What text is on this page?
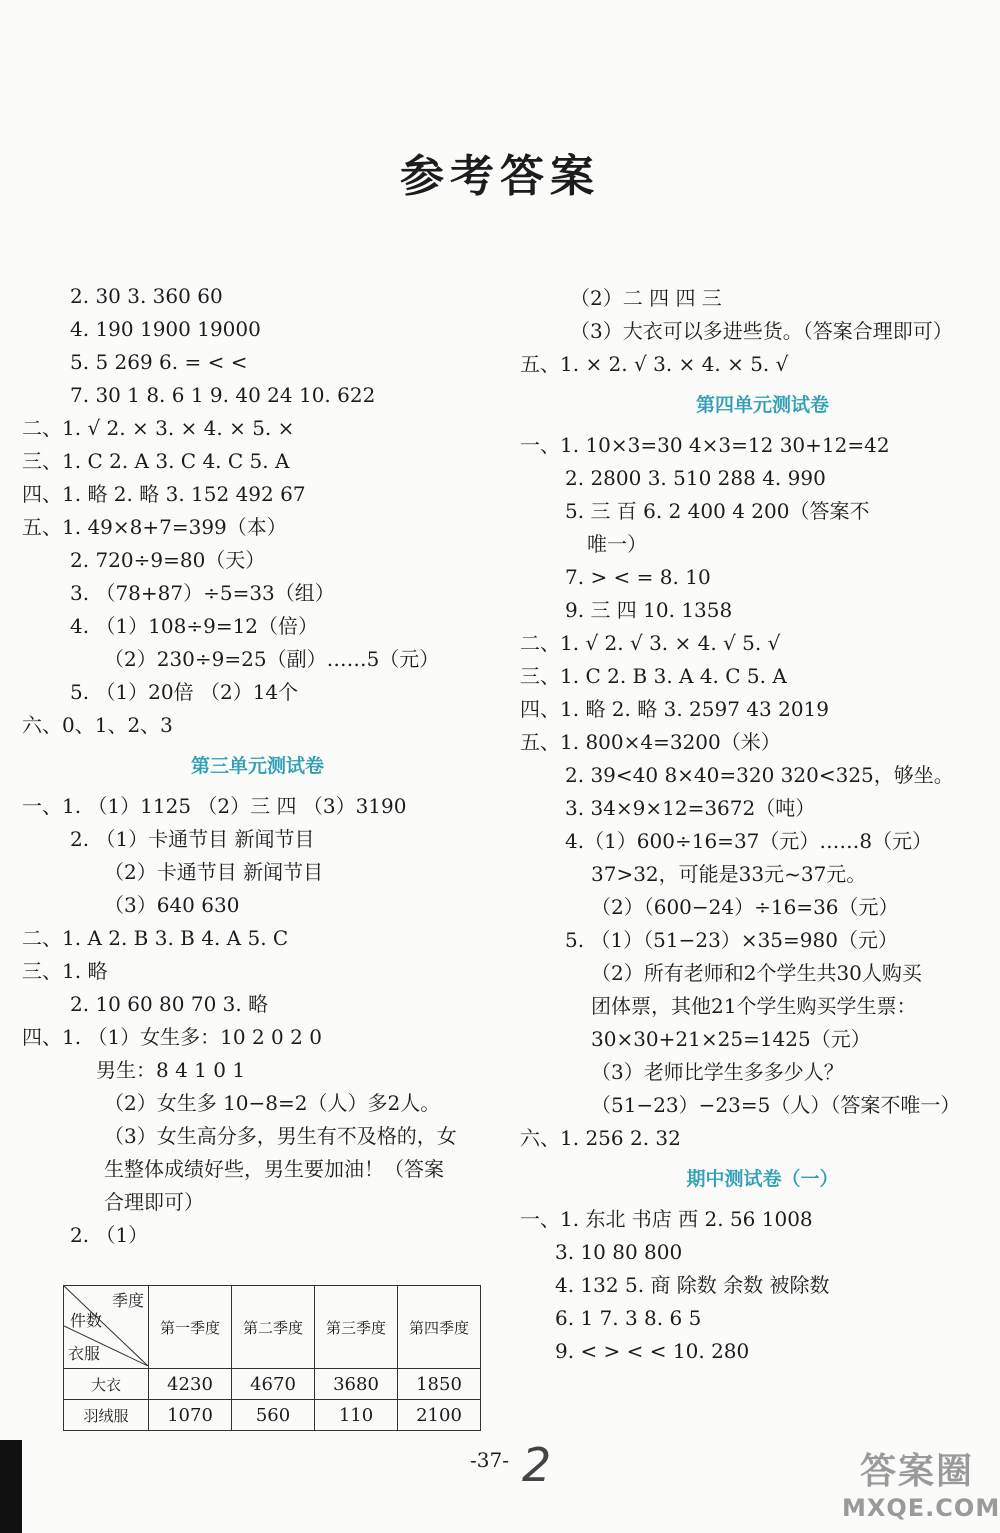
参考答案
2. 30 3. 360 60
4. 190 1900 19000
5. 5 269 6. = < <
7. 30 1 8. 6 1 9. 40 24 10. 622
二、1. √ 2. × 3. × 4. × 5. ×
三、1. C 2. A 3. C 4. C 5. A
四、1. 略 2. 略 3. 152 492 67
五、1. 49×8+7=399（本）
2. 720÷9=80（天）
3. （78+87）÷5=33（组）
4. （1）108÷9=12（倍）
（2）230÷9=25（副）……5（元）
5. （1）20倍 （2）14个
六、0、1、2、3
第三单元测试卷
一、1. （1）1125 （2）三 四 （3）3190
2. （1）卡通节目 新闻节目
（2）卡通节目 新闻节目
（3）640 630
二、1. A 2. B 3. B 4. A 5. C
三、1. 略
2. 10 60 80 70 3. 略
四、1. （1）女生多：10 2 0 2 0
男生：8 4 1 0 1
（2）女生多 10−8=2（人）多2人。
（3）女生高分多，男生有不及格的，女
生整体成绩好些，男生要加油！（答案
合理即可）
2. （1）
（2）二 四 四 三
（3）大衣可以多进些货。（答案合理即可）
五、1. × 2. √ 3. × 4. × 5. √
第四单元测试卷
一、1. 10×3=30 4×3=12 30+12=42
2. 2800 3. 510 288 4. 990
5. 三 百 6. 2 400 4 200（答案不
唯一）
7. > < = 8. 10
9. 三 四 10. 1358
二、1. √ 2. √ 3. × 4. √ 5. √
三、1. C 2. B 3. A 4. C 5. A
四、1. 略 2. 略 3. 2597 43 2019
五、1. 800×4=3200（米）
2. 39<40 8×40=320 320<325，够坐。
3. 34×9×12=3672（吨）
4.（1）600÷16=37（元）……8（元）
37>32，可能是33元~37元。
（2）（600−24）÷16=36（元）
5. （1）（51−23）×35=980（元）
（2）所有老师和2个学生共30人购买
团体票，其他21个学生购买学生票：
30×30+21×25=1425（元）
（3）老师比学生多多少人？
（51−23）−23=5（人）（答案不唯一）
六、1. 256 2. 32
期中测试卷（一）
一、1. 东北 书店 西 2. 56 1008
3. 10 80 800
4. 132 5. 商 除数 余数 被除数
6. 1 7. 3 8. 6 5
9. < > < < 10. 280
季度
件数
衣服	第一季度	第二季度	第三季度	第四季度
大衣	4230	4670	3680	1850
羽绒服	1070	560	110	2100
-37- 2	答案圈
MXQE.COM
